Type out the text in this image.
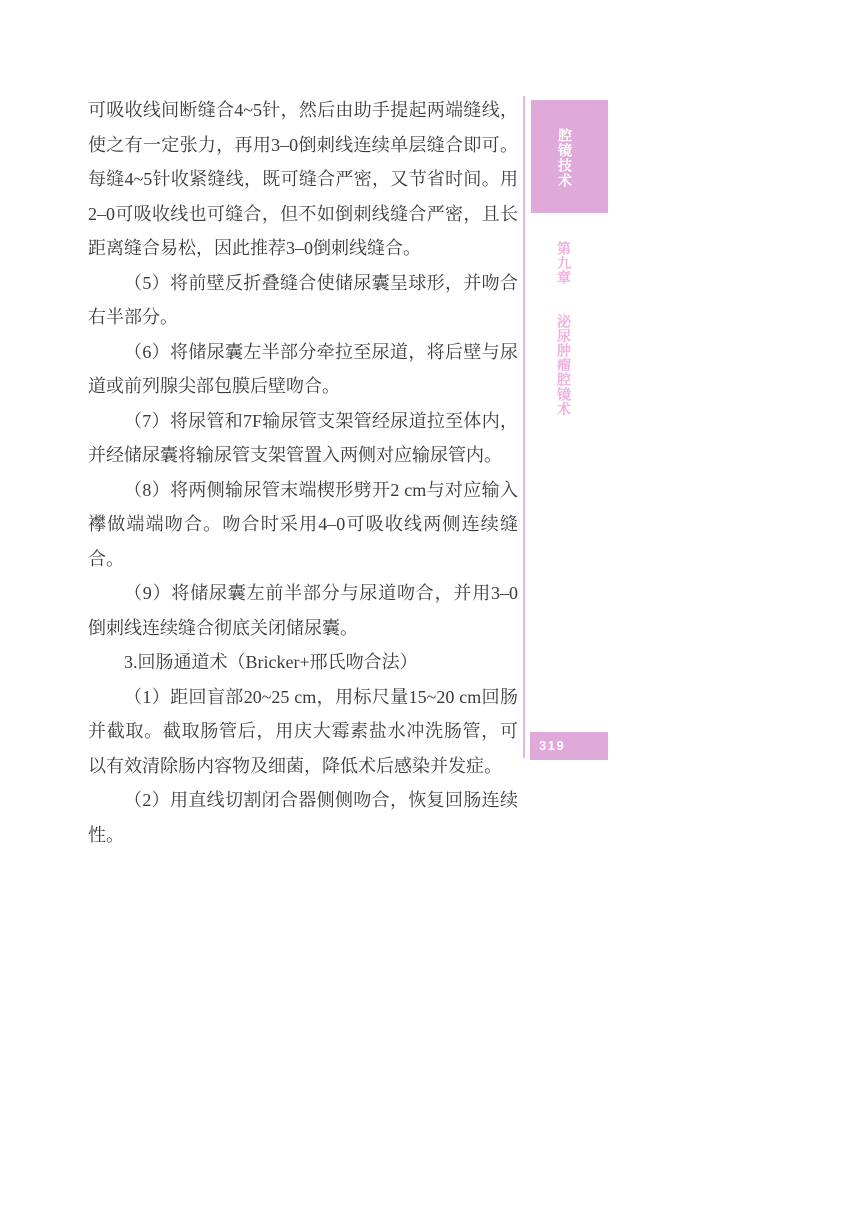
可吸收线间断缝合4~5针，然后由助手提起两端缝线，使之有一定张力，再用3–0倒刺线连续单层缝合即可。每缝4~5针收紧缝线，既可缝合严密，又节省时间。用2–0可吸收线也可缝合，但不如倒刺线缝合严密，且长距离缝合易松，因此推荐3–0倒刺线缝合。

（5）将前壁反折叠缝合使储尿囊呈球形，并吻合右半部分。

（6）将储尿囊左半部分牵拉至尿道，将后壁与尿道或前列腺尖部包膜后壁吻合。

（7）将尿管和7F输尿管支架管经尿道拉至体内，并经储尿囊将输尿管支架管置入两侧对应输尿管内。

（8）将两侧输尿管末端楔形劈开2 cm与对应输入襻做端端吻合。吻合时采用4–0可吸收线两侧连续缝合。

（9）将储尿囊左前半部分与尿道吻合，并用3–0倒刺线连续缝合彻底关闭储尿囊。

3.回肠通道术（Bricker+邢氏吻合法）

（1）距回盲部20~25 cm，用标尺量15~20 cm回肠并截取。截取肠管后，用庆大霉素盐水冲洗肠管，可以有效清除肠内容物及细菌，降低术后感染并发症。

（2）用直线切割闭合器侧侧吻合，恢复回肠连续性。

腔镜技术
第九章 泌尿肿瘤腔镜术
319
